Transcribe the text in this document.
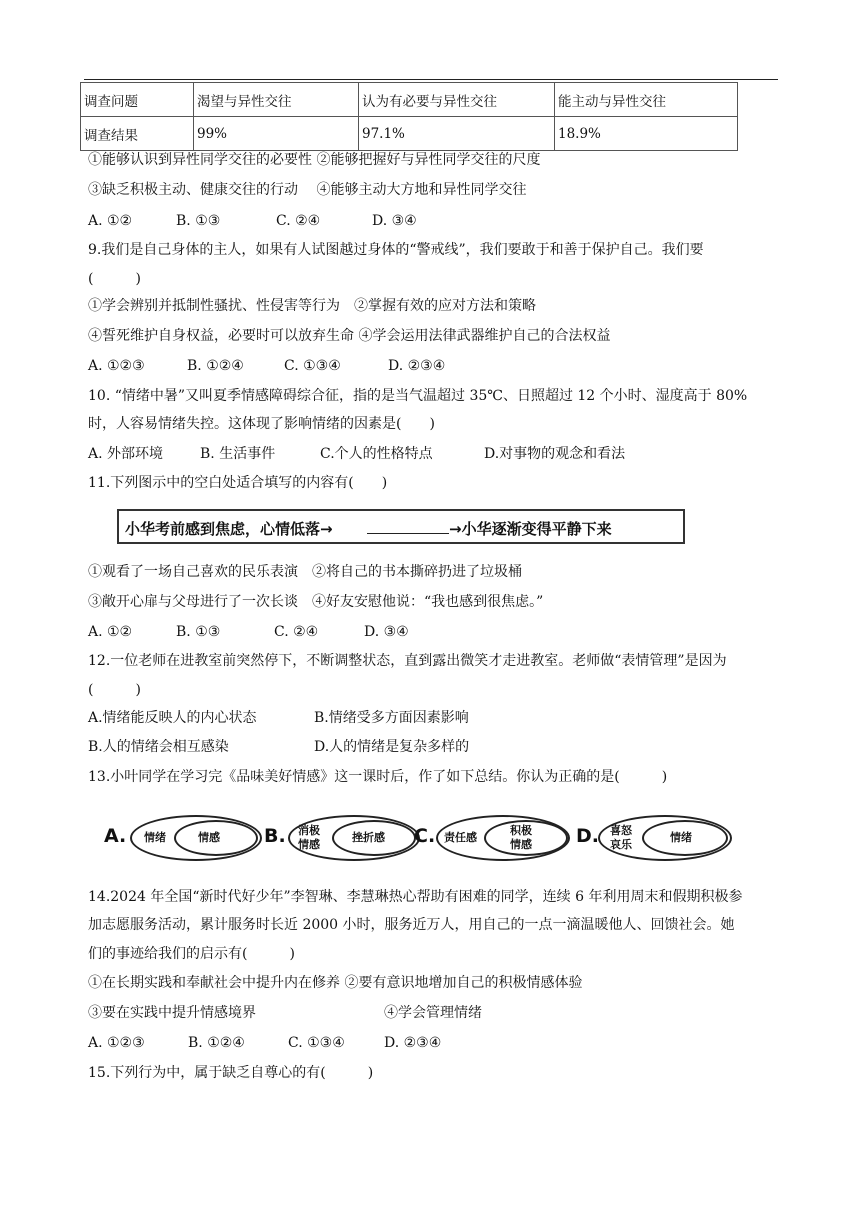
调查问题	渴望与异性交往	认为有必要与异性交往	能主动与异性交往
调查结果	99%	97.1%	18.9%
①能够认识到异性同学交往的必要性 ②能够把握好与异性同学交往的尺度
③缺乏积极主动、健康交往的行动　 ④能够主动大方地和异性同学交往
A. ①②	B. ①③	C. ②④	D. ③④
9.我们是自己身体的主人，如果有人试图越过身体的“警戒线”，我们要敢于和善于保护自己。我们要
(　　　)
①学会辨别并抵制性骚扰、性侵害等行为　②掌握有效的应对方法和策略
④誓死维护自身权益，必要时可以放弃生命 ④学会运用法律武器维护自己的合法权益
A. ①②③	B. ①②④	C. ①③④	D. ②③④
10. “情绪中暑”又叫夏季情感障碍综合征，指的是当气温超过 35℃、日照超过 12 个小时、湿度高于 80%
时，人容易情绪失控。这体现了影响情绪的因素是(　　)
A. 外部环境	B. 生活事件	C.个人的性格特点	D.对事物的观念和看法
11.下列图示中的空白处适合填写的内容有(　　)
小华考前感到焦虑，心情低落→	→小华逐渐变得平静下来
①观看了一场自己喜欢的民乐表演　②将自己的书本撕碎扔进了垃圾桶
③敞开心扉与父母进行了一次长谈　④好友安慰他说：“我也感到很焦虑。”
A. ①②	B. ①③	C. ②④	D. ③④
12.一位老师在进教室前突然停下，不断调整状态，直到露出微笑才走进教室。老师做“表情管理”是因为
(　　　)
A.情绪能反映人的内心状态	B.情绪受多方面因素影响
B.人的情绪会相互感染	D.人的情绪是复杂多样的
13.小叶同学在学习完《品味美好情感》这一课时后，作了如下总结。你认为正确的是(　　　)
A. 情绪	情感 B. 消极
情感
挫折感 C. 责任感
积极
情感 D. 喜怒
哀乐
情绪
14.2024 年全国“新时代好少年”李智琳、李慧琳热心帮助有困难的同学，连续 6 年利用周末和假期积极参
加志愿服务活动，累计服务时长近 2000 小时，服务近万人，用自己的一点一滴温暖他人、回馈社会。她
们的事迹给我们的启示有(　　　)
①在长期实践和奉献社会中提升内在修养 ②要有意识地增加自己的积极情感体验
③要在实践中提升情感境界	④学会管理情绪
A. ①②③	B. ①②④	C. ①③④	D. ②③④
15.下列行为中，属于缺乏自尊心的有(　　　)
